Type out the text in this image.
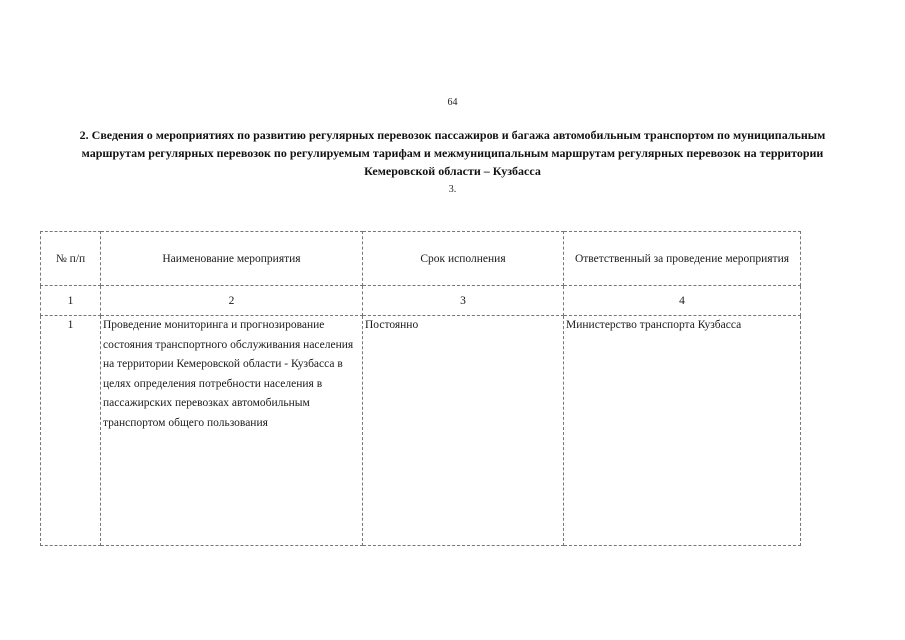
64
2. Сведения о мероприятиях по развитию регулярных перевозок пассажиров и багажа автомобильным транспортом по муниципальным маршрутам регулярных перевозок по регулируемым тарифам и межмуниципальным маршрутам регулярных перевозок на территории Кемеровской области – Кузбасса
3.
№ п/п	Наименование мероприятия	Срок исполнения	Ответственный за проведение мероприятия
1	2	3	4
1	Проведение мониторинга и прогнозирование состояния транспортного обслуживания населения на территории Кемеровской области - Кузбасса в целях определения потребности населения в пассажирских перевозках автомобильным транспортом общего пользования	Постоянно	Министерство транспорта Кузбасса
